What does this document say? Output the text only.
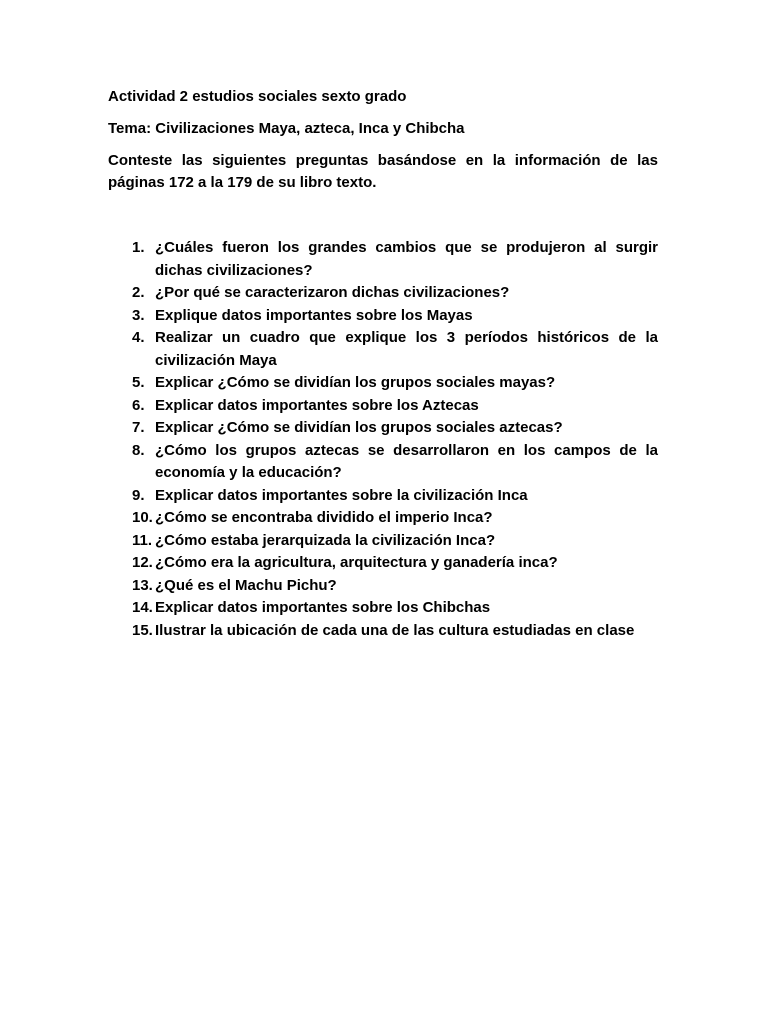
Actividad 2 estudios sociales sexto grado

Tema: Civilizaciones Maya, azteca, Inca y Chibcha

Conteste las siguientes preguntas basándose en la información de las páginas 172 a la 179 de su libro texto.

1. ¿Cuáles fueron los grandes cambios que se produjeron al surgir dichas civilizaciones?
2. ¿Por qué se caracterizaron dichas civilizaciones?
3. Explique datos importantes sobre los Mayas
4. Realizar un cuadro que explique los 3 períodos históricos de la civilización Maya
5. Explicar ¿Cómo se dividían los grupos sociales mayas?
6. Explicar datos importantes sobre los Aztecas
7. Explicar ¿Cómo se dividían los grupos sociales aztecas?
8. ¿Cómo los grupos aztecas se desarrollaron en los campos de la economía y la educación?
9. Explicar datos importantes sobre la civilización Inca
10. ¿Cómo se encontraba dividido el imperio Inca?
11. ¿Cómo estaba jerarquizada la civilización Inca?
12. ¿Cómo era la agricultura, arquitectura y ganadería inca?
13. ¿Qué es el Machu Pichu?
14. Explicar datos importantes sobre los Chibchas
15. Ilustrar la ubicación de cada una de las cultura estudiadas en clase
